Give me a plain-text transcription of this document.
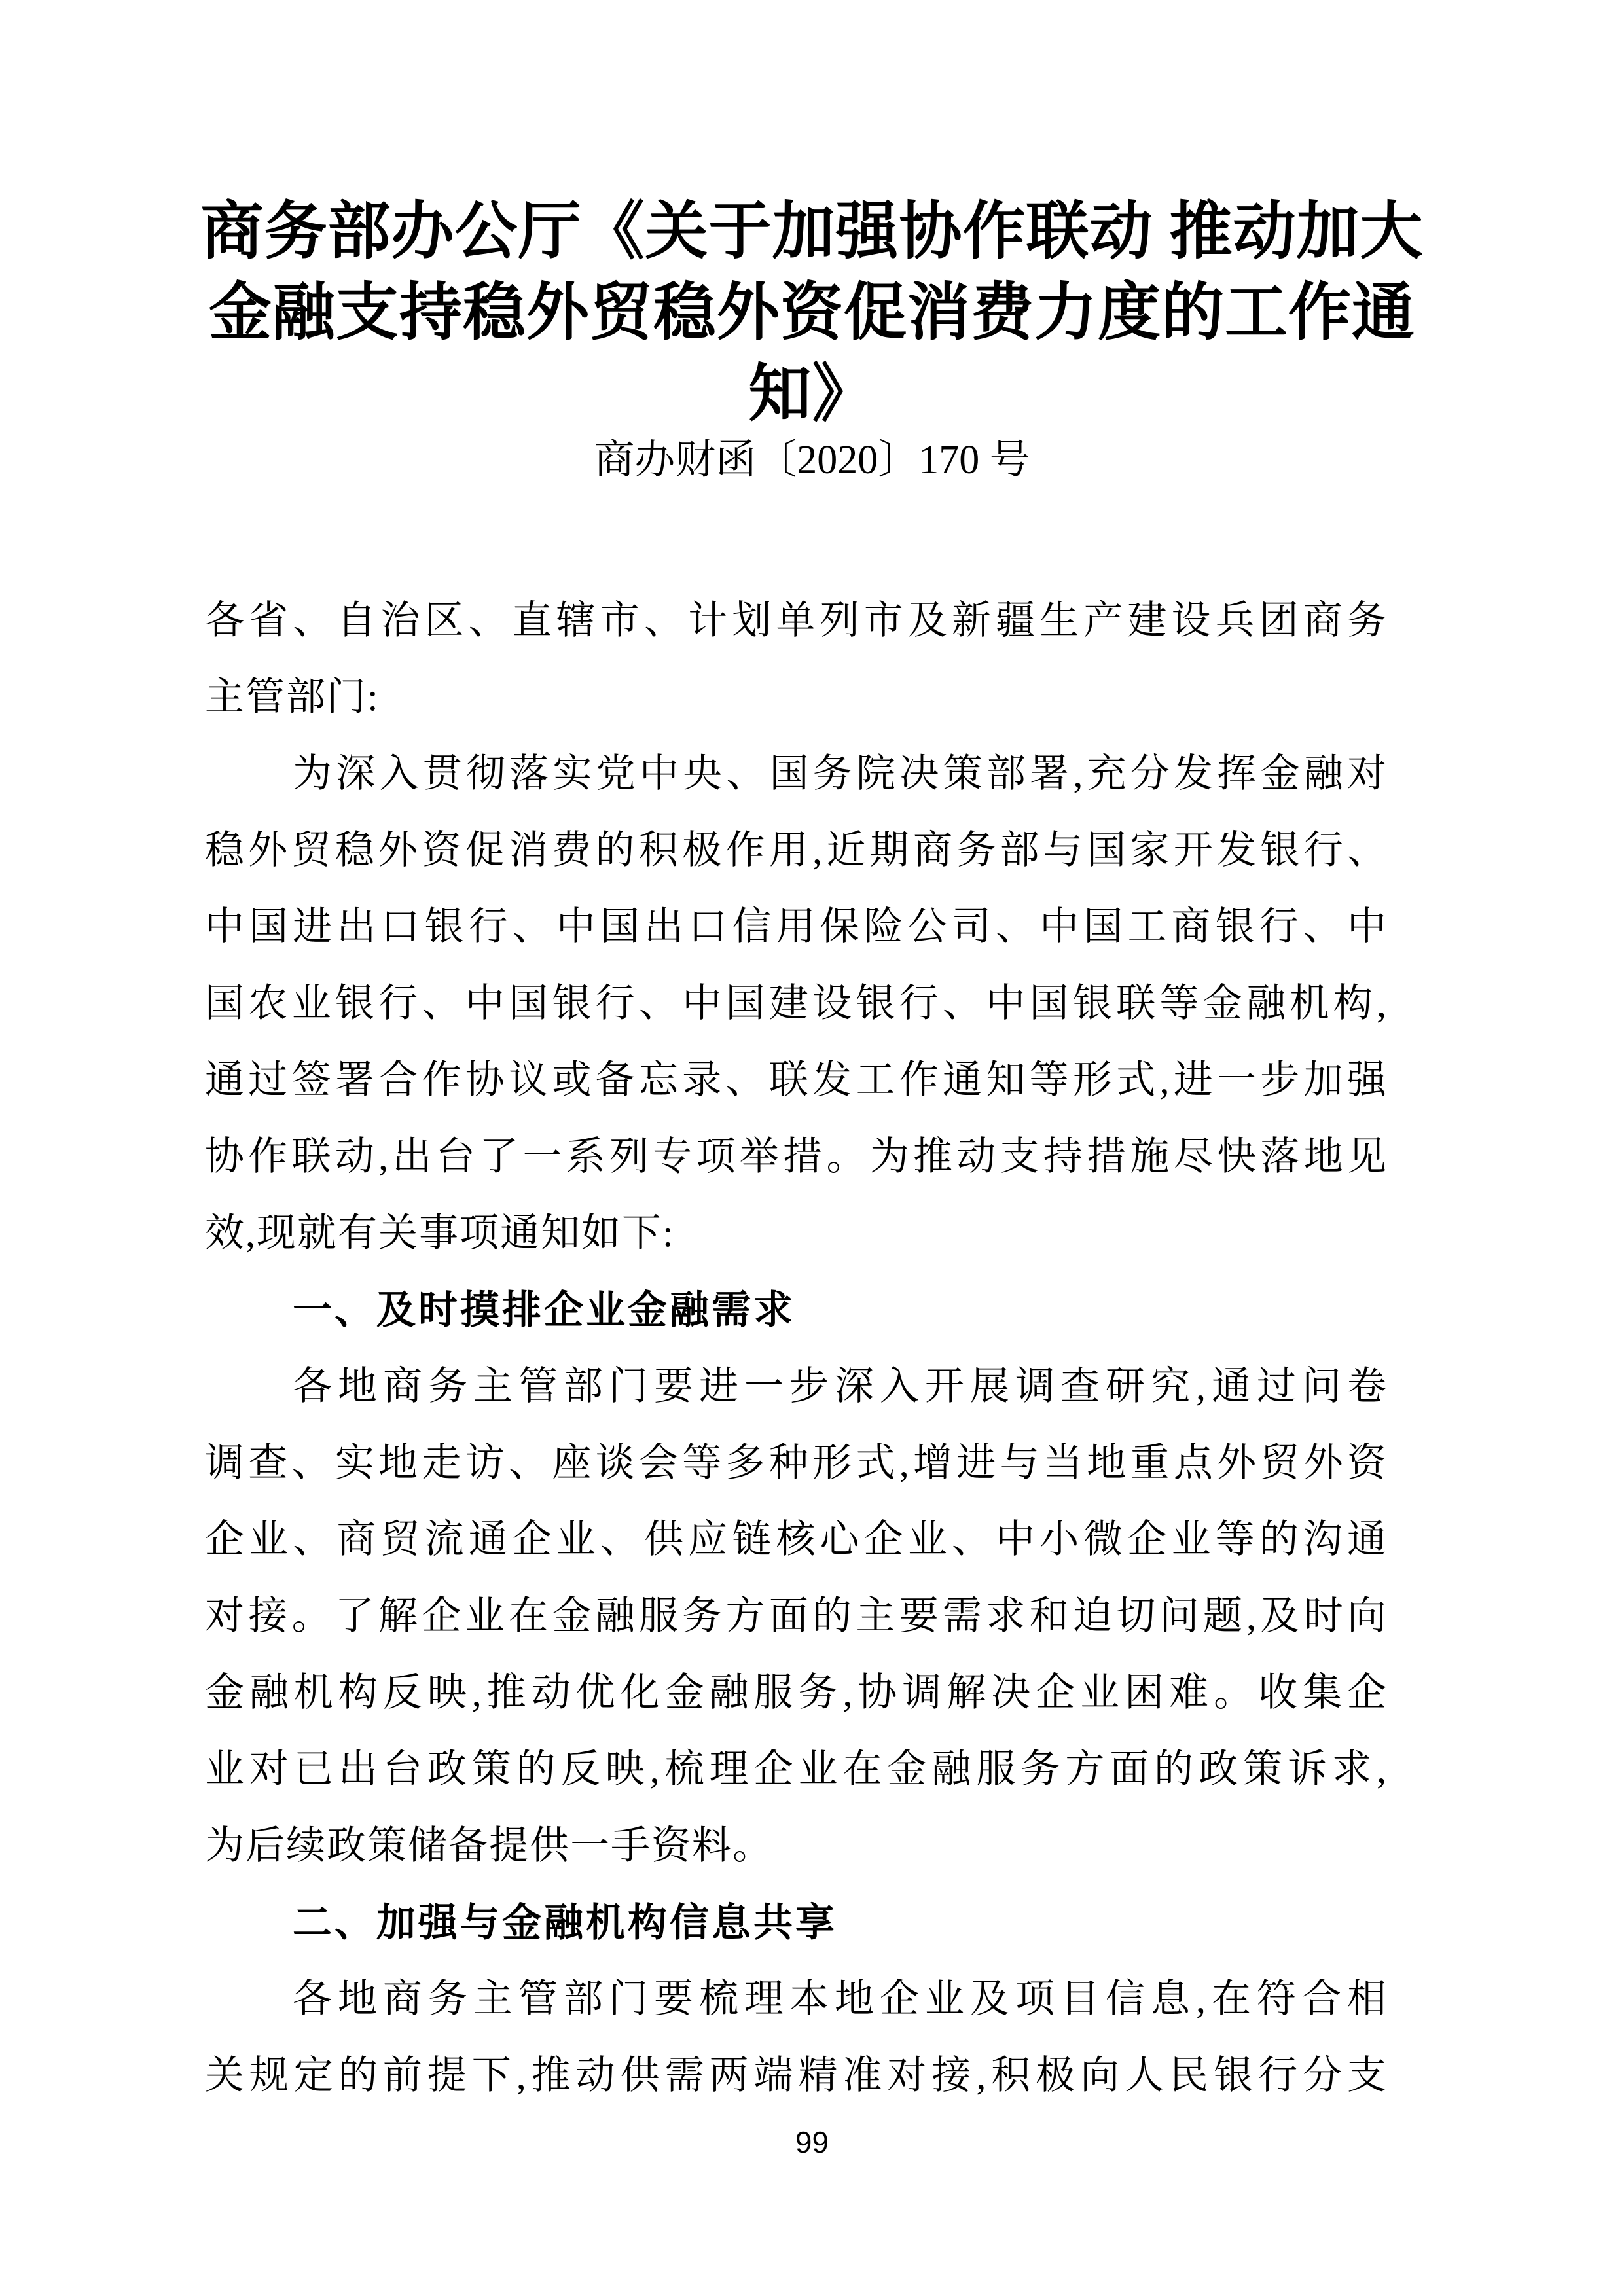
商务部办公厅《关于加强协作联动 推动加大
金融支持稳外贸稳外资促消费力度的工作通
知》
商办财函〔2020〕170 号
各省、自治区、直辖市、计划单列市及新疆生产建设兵团商务
主管部门:
为深入贯彻落实党中央、国务院决策部署,充分发挥金融对
稳外贸稳外资促消费的积极作用,近期商务部与国家开发银行、
中国进出口银行、中国出口信用保险公司、中国工商银行、中
国农业银行、中国银行、中国建设银行、中国银联等金融机构,
通过签署合作协议或备忘录、联发工作通知等形式,进一步加强
协作联动,出台了一系列专项举措。为推动支持措施尽快落地见
效,现就有关事项通知如下:
一、及时摸排企业金融需求
各地商务主管部门要进一步深入开展调查研究,通过问卷
调查、实地走访、座谈会等多种形式,增进与当地重点外贸外资
企业、商贸流通企业、供应链核心企业、中小微企业等的沟通
对接。了解企业在金融服务方面的主要需求和迫切问题,及时向
金融机构反映,推动优化金融服务,协调解决企业困难。收集企
业对已出台政策的反映,梳理企业在金融服务方面的政策诉求,
为后续政策储备提供一手资料。
二、加强与金融机构信息共享
各地商务主管部门要梳理本地企业及项目信息,在符合相
关规定的前提下,推动供需两端精准对接,积极向人民银行分支
99
